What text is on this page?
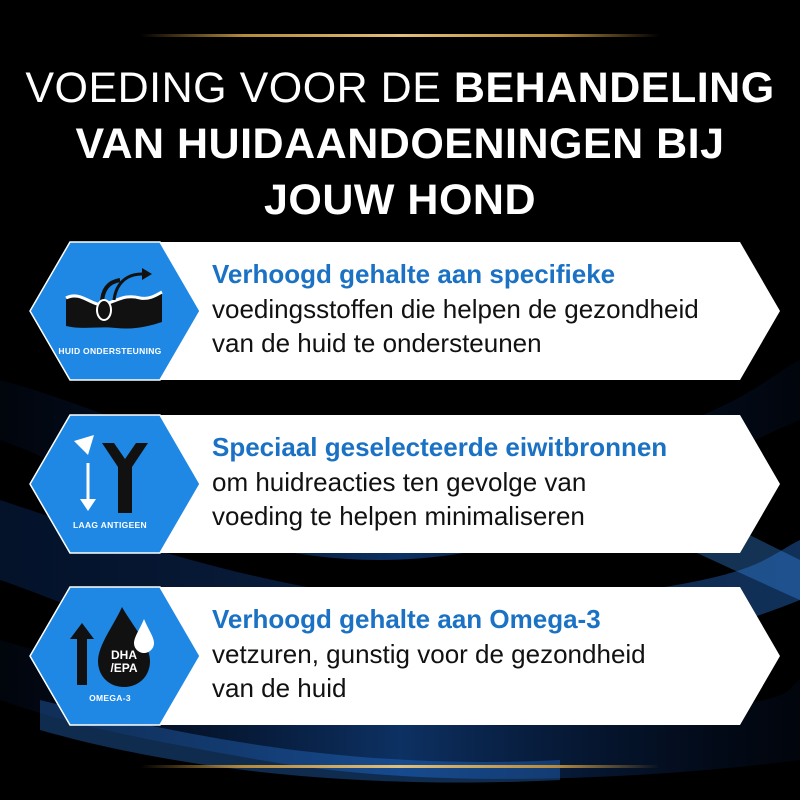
VOEDING VOOR DE BEHANDELING
VAN HUIDAANDOENINGEN BIJ
JOUW HOND
HUID ONDERSTEUNING
Verhoogd gehalte aan specifieke
voedingsstoffen die helpen de gezondheid
van de huid te ondersteunen
LAAG ANTIGEEN
Speciaal geselecteerde eiwitbronnen
om huidreacties ten gevolge van
voeding te helpen minimaliseren
DHA /EPA
OMEGA-3
Verhoogd gehalte aan Omega-3
vetzuren, gunstig voor de gezondheid
van de huid
